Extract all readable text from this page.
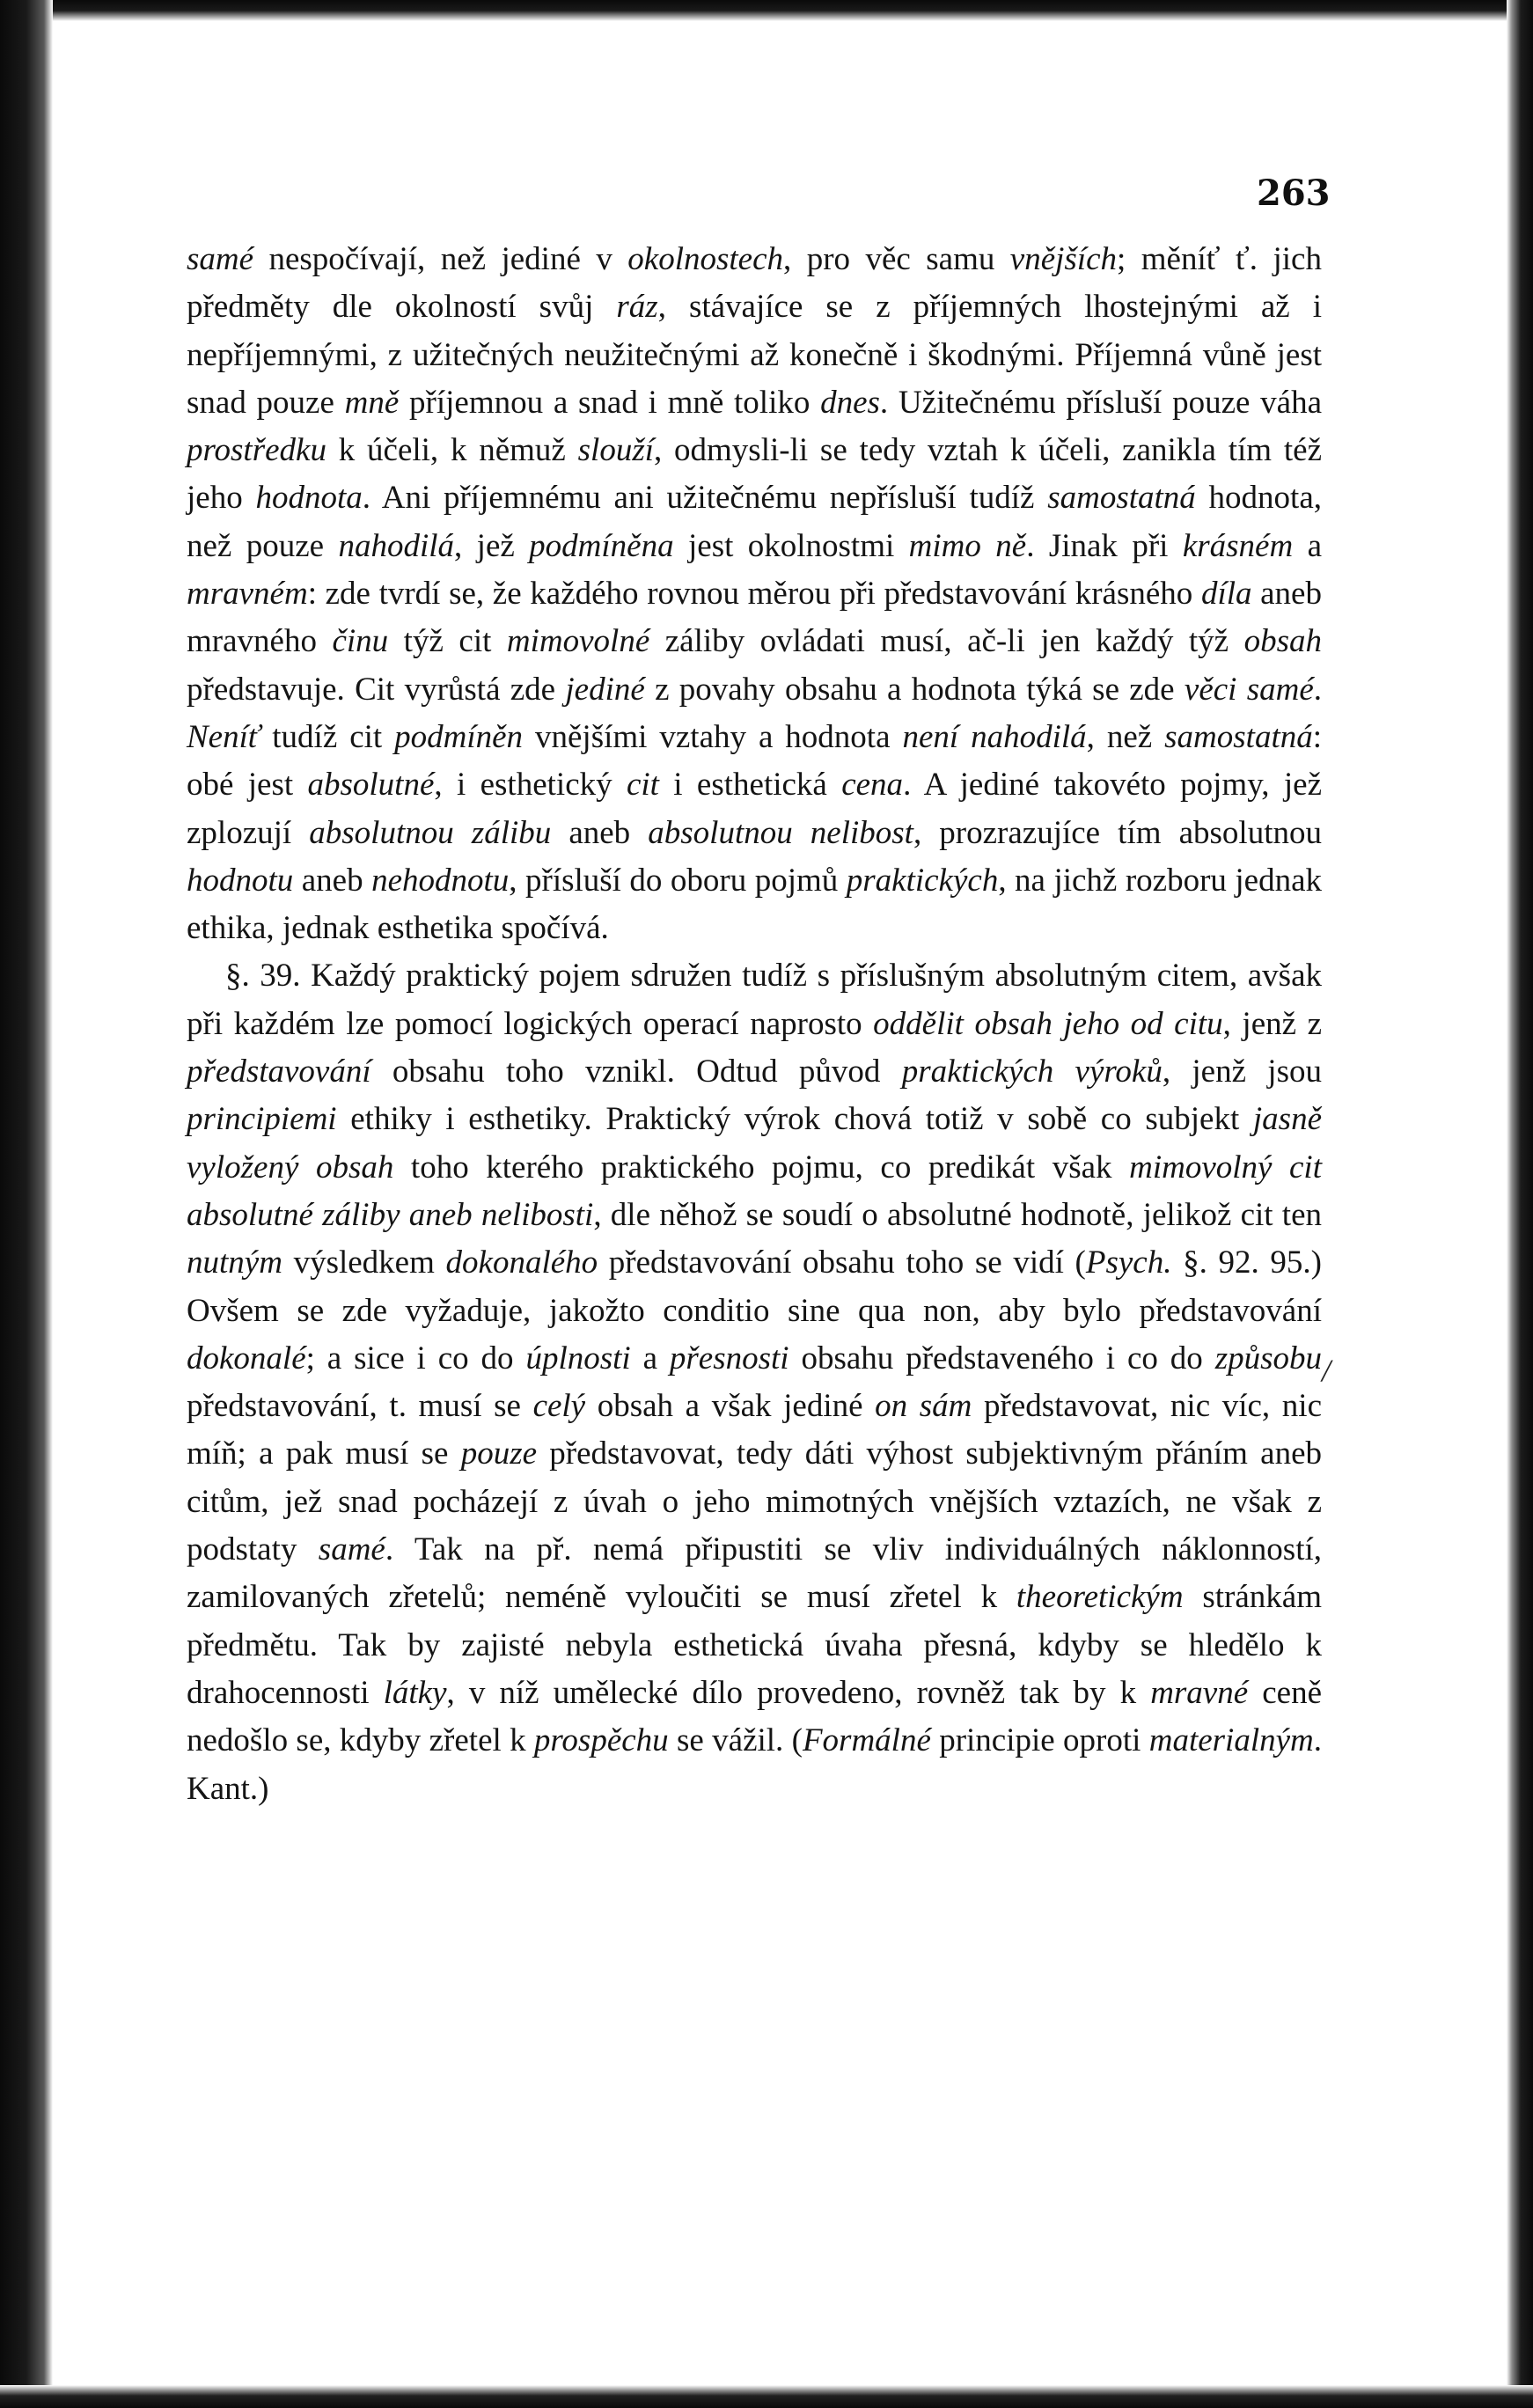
263

samé nespočívají, než jediné v okolnostech, pro věc samu vnějších; měníť ť. jich předměty dle okolností svůj ráz, stávajíce se z příjemných lhostejnými až i nepříjemnými, z užitečných neužitečnými až konečně i škodnými. Příjemná vůně jest snad pouze mně příjemnou a snad i mně toliko dnes. Užitečnému přísluší pouze váha prostředku k účeli, k němuž slouží, odmysli-li se tedy vztah k účeli, zanikla tím též jeho hodnota. Ani příjemnému ani užitečnému nepřísluší tudíž samostatná hodnota, než pouze nahodilá, jež podmíněna jest okolnostmi mimo ně. Jinak při krásném a mravném: zde tvrdí se, že každého rovnou měrou při představování krásného díla aneb mravného činu týž cit mimovolné záliby ovládati musí, ač-li jen každý týž obsah představuje. Cit vyrůstá zde jediné z povahy obsahu a hodnota týká se zde věci samé. Neníť tudíž cit podmíněn vnějšími vztahy a hodnota není nahodilá, než samostatná: obé jest absolutné, i esthetický cit i esthetická cena. A jediné takovéto pojmy, jež zplozují absolutnou zálibu aneb absolutnou nelibost, prozrazujíce tím absolutnou hodnotu aneb nehodnotu, přísluší do oboru pojmů praktických, na jichž rozboru jednak ethika, jednak esthetika spočívá.

§. 39. Každý praktický pojem sdružen tudíž s příslušným absolutným citem, avšak při každém lze pomocí logických operací naprosto oddělit obsah jeho od citu, jenž z představování obsahu toho vznikl. Odtud původ praktických výroků, jenž jsou principiemi ethiky i esthetiky. Praktický výrok chová totiž v sobě co subjekt jasně vyložený obsah toho kterého praktického pojmu, co predikát však mimovolný cit absolutné záliby aneb nelibosti, dle něhož se soudí o absolutné hodnotě, jelikož cit ten nutným výsledkem dokonalého představování obsahu toho se vidí (Psych. §. 92. 95.) Ovšem se zde vyžaduje, jakožto conditio sine qua non, aby bylo představování dokonalé; a sice i co do úplnosti a přesnosti obsahu představeného i co do způsobu představování, t. musí se celý obsah a však jediné on sám představovat, nic víc, nic míň; a pak musí se pouze představovat, tedy dáti výhost subjektivným přáním aneb citům, jež snad pocházejí z úvah o jeho mimotných vnějších vztazích, ne však z podstaty samé. Tak na př. nemá připustiti se vliv individuálných náklonností, zamilovaných zřetelů; neméně vyloučiti se musí zřetel k theoretickým stránkám předmětu. Tak by zajisté nebyla esthetická úvaha přesná, kdyby se hledělo k drahocennosti látky, v níž umělecké dílo provedeno, rovněž tak by k mravné ceně nedošlo se, kdyby zřetel k prospěchu se vážil. (Formálné principie oproti materialným. Kant.)

/
